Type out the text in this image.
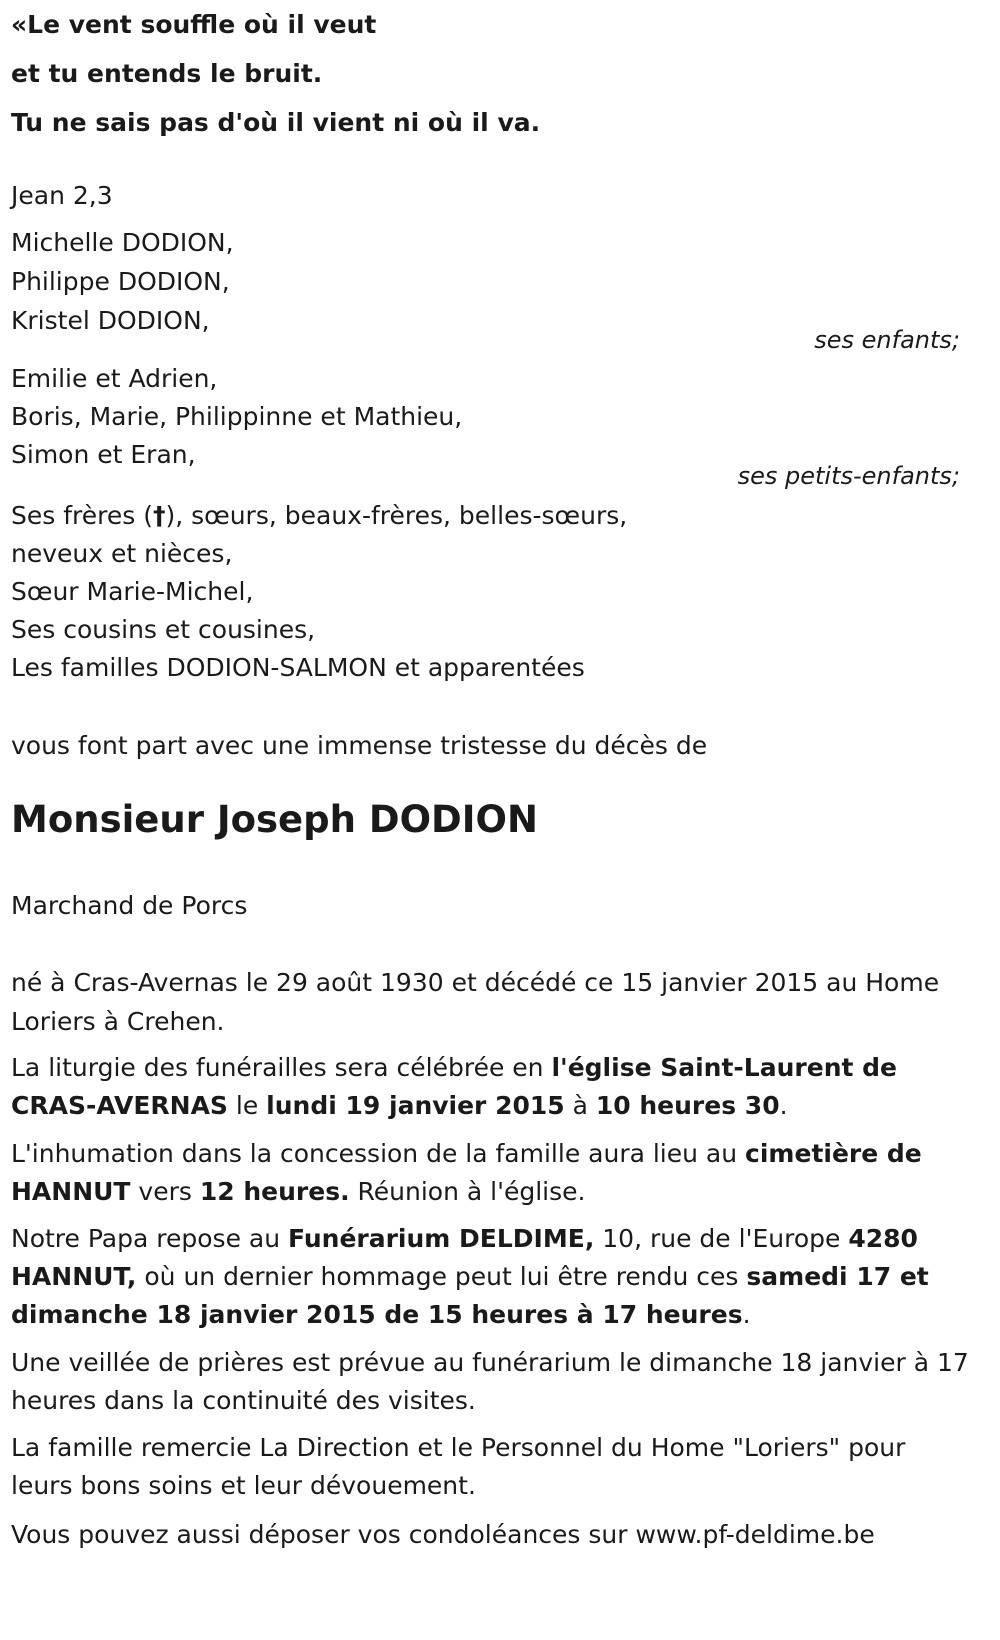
«Le vent souffle où il veut

et tu entends le bruit.

Tu ne sais pas d'où il vient ni où il va.

Jean 2,3

Michelle DODION,

Philippe DODION,

Kristel DODION,

ses enfants;

Emilie et Adrien,

Boris, Marie, Philippinne et Mathieu,

Simon et Eran,

ses petits-enfants;

Ses frères (†), sœurs, beaux-frères, belles-sœurs,

neveux et nièces,

Sœur Marie-Michel,

Ses cousins et cousines,

Les familles DODION-SALMON et apparentées

vous font part avec une immense tristesse du décès de

Monsieur Joseph DODION

Marchand de Porcs

né à Cras-Avernas le 29 août 1930 et décédé ce 15 janvier 2015 au Home Loriers à Crehen.

La liturgie des funérailles sera célébrée en l'église Saint-Laurent de CRAS-AVERNAS le lundi 19 janvier 2015 à 10 heures 30.

L'inhumation dans la concession de la famille aura lieu au cimetière de HANNUT vers 12 heures. Réunion à l'église.

Notre Papa repose au Funérarium DELDIME, 10, rue de l'Europe 4280 HANNUT, où un dernier hommage peut lui être rendu ces samedi 17 et dimanche 18 janvier 2015 de 15 heures à 17 heures.

Une veillée de prières est prévue au funérarium le dimanche 18 janvier à 17 heures dans la continuité des visites.

La famille remercie La Direction et le Personnel du Home "Loriers" pour leurs bons soins et leur dévouement.

Vous pouvez aussi déposer vos condoléances sur www.pf-deldime.be
